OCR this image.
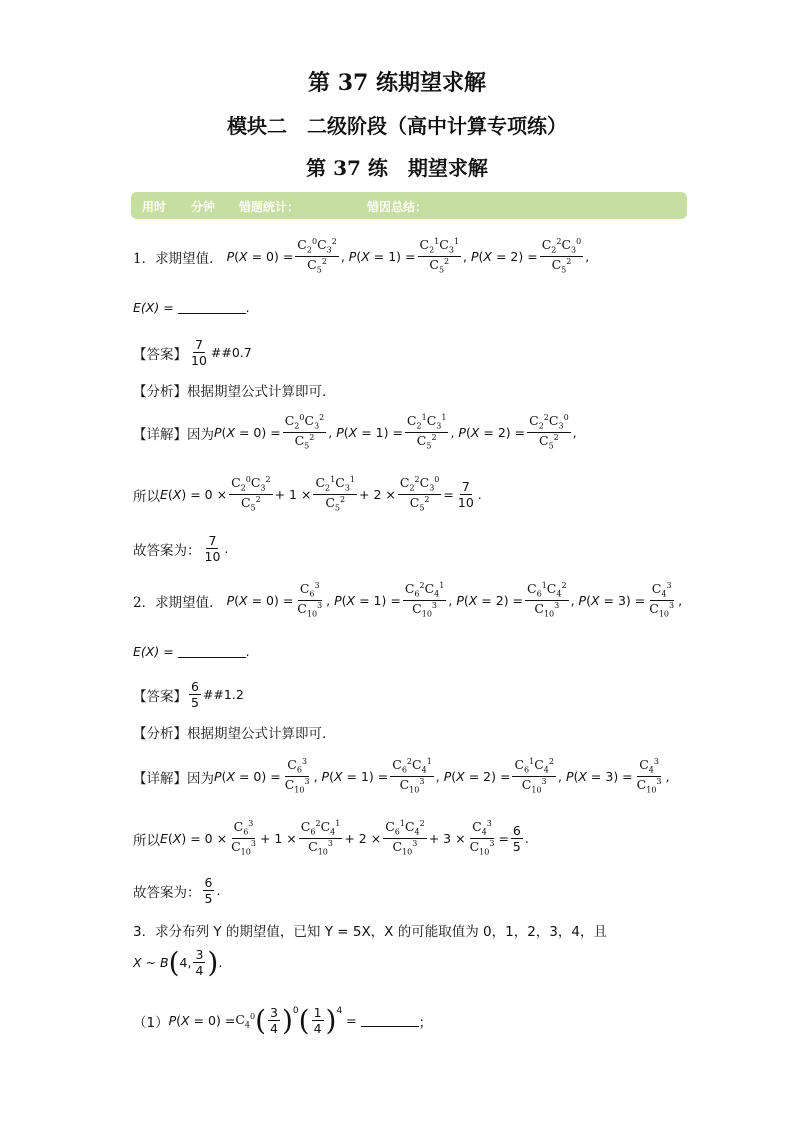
第 37 练期望求解
模块二　二级阶段（高中计算专项练）
第 37 练　期望求解
用时 分钟 错题统计：	错因总结：
1．求期望值． $P(X = 0) = \frac{C_2^0C_3^2}{C_5^2}$ , $P(X = 1) = \frac{C_2^1C_3^1}{C_5^2}$ , $P(X = 2) = \frac{C_2^2C_3^0}{C_5^2}$ ,
E(X) =	.
【答案】 $\frac{7}{10}$ ##0.7
【分析】 根据期望公式计算即可.
【详解】 因为 $P(X = 0) = \frac{C_2^0C_3^2}{C_5^2}$ , $P(X = 1) = \frac{C_2^1C_3^1}{C_5^2}$ , $P(X = 2) = \frac{C_2^2C_3^0}{C_5^2}$ ,
所以 $E(X) = 0 \times \frac{C_2^0C_3^2}{C_5^2} + 1 \times \frac{C_2^1C_3^1}{C_5^2} + 2 \times \frac{C_2^2C_3^0}{C_5^2} = \frac{7}{10}$ .
故答案为： $\frac{7}{10}$ .
2．求期望值． $P(X = 0) = \frac{C_6^3}{C_{10}^3}$ , $P(X = 1) = \frac{C_6^2C_4^1}{C_{10}^3}$ , $P(X = 2) = \frac{C_6^1C_4^2}{C_{10}^3}$ , $P(X = 3) = \frac{C_4^3}{C_{10}^3}$ ,
E(X) =	.
【答案】 $\frac{6}{5}$ ##1.2
【分析】 根据期望公式计算即可.
【详解】 因为 $P(X = 0) = \frac{C_6^3}{C_{10}^3}$ , $P(X = 1) = \frac{C_6^2C_4^1}{C_{10}^3}$ , $P(X = 2) = \frac{C_6^1C_4^2}{C_{10}^3}$ , $P(X = 3) = \frac{C_4^3}{C_{10}^3}$ ,
所以 $E(X) = 0 \times \frac{C_6^3}{C_{10}^3} + 1 \times \frac{C_6^2C_4^1}{C_{10}^3} + 2 \times \frac{C_6^1C_4^2}{C_{10}^3} + 3 \times \frac{C_4^3}{C_{10}^3} = \frac{6}{5}$ .
故答案为： $\frac{6}{5}$ .
3．求分布列 Y 的期望值，已知 Y = 5X，X 的可能取值为 0，1，2，3，4，且
X ~ B ( 4, $\frac{3}{4}$ ) .
（1） $P(X = 0) = C_4^0$ ( $\frac{3}{4} )^0$ ( $\frac{1}{4} )^4$
=	；
